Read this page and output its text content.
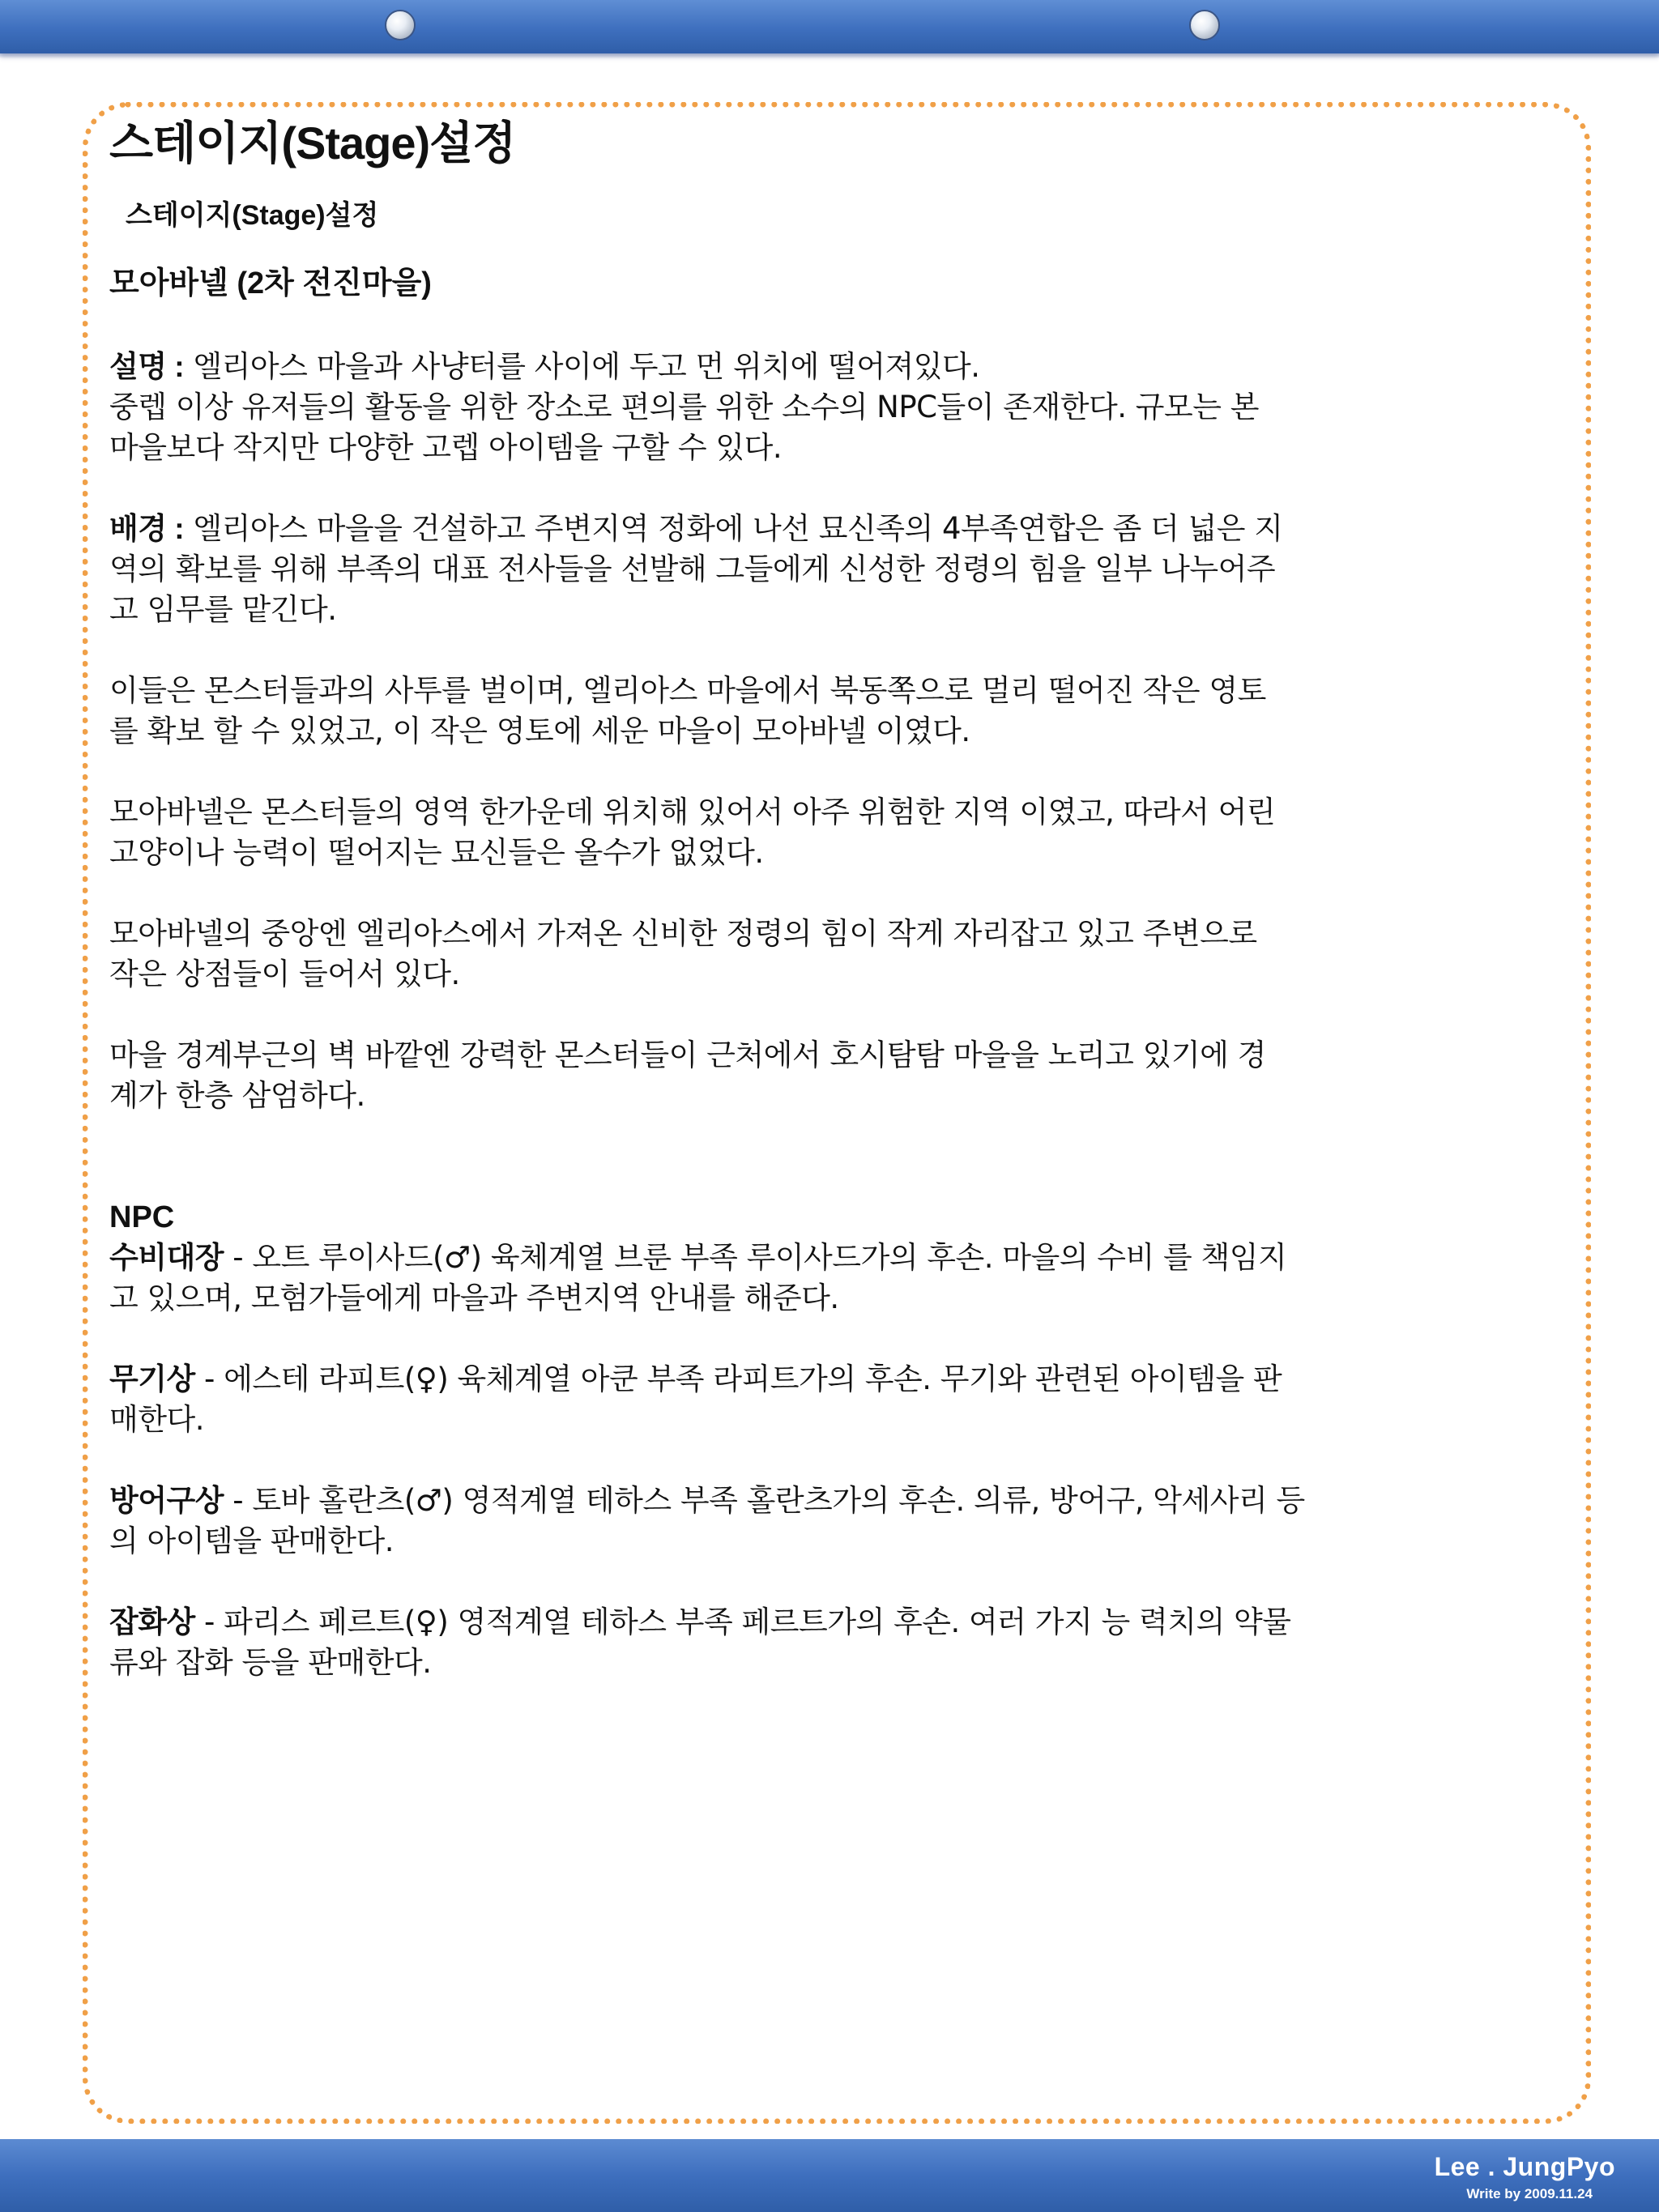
스테이지(Stage)설정
스테이지(Stage)설정
모아바넬 (2차 전진마을)

설명 : 엘리아스 마을과 사냥터를 사이에 두고 먼 위치에 떨어져있다.

중렙 이상 유저들의 활동을 위한 장소로 편의를 위한 소수의 NPC들이 존재한다. 규모는 본

마을보다 작지만 다양한 고렙 아이템을 구할 수 있다.

배경 : 엘리아스 마을을 건설하고 주변지역 정화에 나선 묘신족의 4부족연합은 좀 더 넓은 지

역의 확보를 위해 부족의 대표 전사들을 선발해 그들에게 신성한 정령의 힘을 일부 나누어주

고 임무를 맡긴다.

이들은 몬스터들과의 사투를 벌이며, 엘리아스 마을에서 북동쪽으로 멀리 떨어진 작은 영토

를 확보 할 수 있었고, 이 작은 영토에 세운 마을이 모아바넬 이였다.

모아바넬은 몬스터들의 영역 한가운데 위치해 있어서 아주 위험한 지역 이였고, 따라서 어린

고양이나 능력이 떨어지는 묘신들은 올수가 없었다.

모아바넬의 중앙엔 엘리아스에서 가져온 신비한 정령의 힘이 작게 자리잡고 있고 주변으로

작은 상점들이 들어서 있다.

마을 경계부근의 벽 바깥엔 강력한 몬스터들이 근처에서 호시탐탐 마을을 노리고 있기에 경

계가 한층 삼엄하다.

NPC

수비대장 - 오트 루이사드(♂) 육체계열 브룬 부족 루이사드가의 후손. 마을의 수비 를 책임지

고 있으며, 모험가들에게 마을과 주변지역 안내를 해준다.

무기상 - 에스테 라피트(♀) 육체계열 아쿤 부족 라피트가의 후손. 무기와 관련된 아이템을 판

매한다.

방어구상 - 토바 홀란츠(♂) 영적계열 테하스 부족 홀란츠가의 후손. 의류, 방어구, 악세사리 등

의 아이템을 판매한다.

잡화상 - 파리스 페르트(♀) 영적계열 테하스 부족 페르트가의 후손. 여러 가지 능 력치의 약물

류와 잡화 등을 판매한다.

Lee . JungPyo
Write by 2009.11.24
